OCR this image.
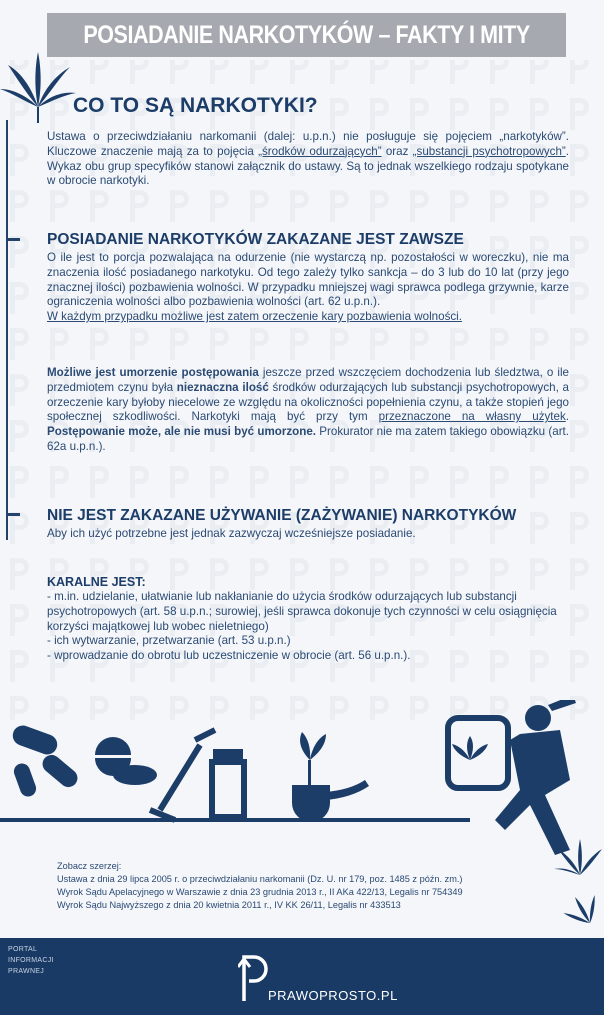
POSIADANIE NARKOTYKÓW – FAKTY I MITY
CO TO SĄ NARKOTYKI?

Ustawa o przeciwdziałaniu narkomanii (dalej: u.p.n.) nie posługuje się pojęciem „narkotyków”. Kluczowe znaczenie mają za to pojęcia „środków odurzających” oraz „substancji psychotropowych”. Wykaz obu grup specyfików stanowi załącznik do ustawy. Są to jednak wszelkiego rodzaju spotykane w obrocie narkotyki.

POSIADANIE NARKOTYKÓW ZAKAZANE JEST ZAWSZE

O ile jest to porcja pozwalająca na odurzenie (nie wystarczą np. pozostałości w woreczku), nie ma znaczenia ilość posiadanego narkotyku. Od tego zależy tylko sankcja – do 3 lub do 10 lat (przy jego znacznej ilości) pozbawienia wolności. W przypadku mniejszej wagi sprawca podlega grzywnie, karze ograniczenia wolności albo pozbawienia wolności (art. 62 u.p.n.).
W każdym przypadku możliwe jest zatem orzeczenie kary pozbawienia wolności.

Możliwe jest umorzenie postępowania jeszcze przed wszczęciem dochodzenia lub śledztwa, o ile przedmiotem czynu była nieznaczna ilość środków odurzających lub substancji psychotropowych, a orzeczenie kary byłoby niecelowe ze względu na okoliczności popełnienia czynu, a także stopień jego społecznej szkodliwości. Narkotyki mają być przy tym przeznaczone na własny użytek. Postępowanie może, ale nie musi być umorzone. Prokurator nie ma zatem takiego obowiązku (art. 62a u.p.n.).

NIE JEST ZAKAZANE UŻYWANIE (ZAŻYWANIE) NARKOTYKÓW

Aby ich użyć potrzebne jest jednak zazwyczaj wcześniejsze posiadanie.

KARALNE JEST:

- m.in. udzielanie, ułatwianie lub nakłanianie do użycia środków odurzających lub substancji psychotropowych (art. 58 u.p.n.; surowiej, jeśli sprawca dokonuje tych czynności w celu osiągnięcia korzyści majątkowej lub wobec nieletniego)
- ich wytwarzanie, przetwarzanie (art. 53 u.p.n.)
- wprowadzanie do obrotu lub uczestniczenie w obrocie (art. 56 u.p.n.).
Zobacz szerzej:
Ustawa z dnia 29 lipca 2005 r. o przeciwdziałaniu narkomanii (Dz. U. nr 179, poz. 1485 z późn. zm.)
Wyrok Sądu Apelacyjnego w Warszawie z dnia 23 grudnia 2013 r., II AKa 422/13, Legalis nr 754349
Wyrok Sądu Najwyższego z dnia 20 kwietnia 2011 r., IV KK 26/11, Legalis nr 433513
PORTAL
INFORMACJI
PRAWNEJ
PRAWOPROSTO.PL
